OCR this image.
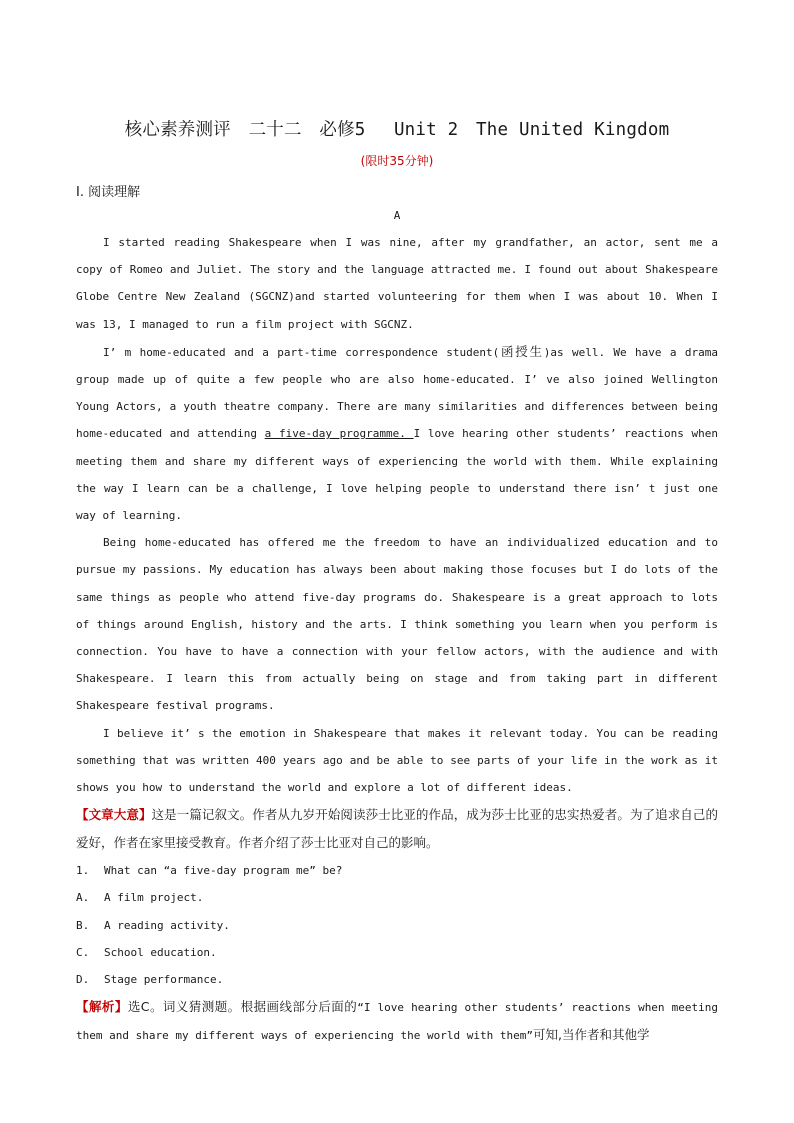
核心素养测评　二十二　必修5　 Unit 2　The United Kingdom
(限时35分钟)
Ⅰ. 阅读理解
A

I started reading Shakespeare when I was nine, after my grandfather, an actor, sent me a copy of Romeo and Juliet. The story and the language attracted me. I found out about Shakespeare Globe Centre New Zealand (SGCNZ)and started volunteering for them when I was about 10. When I was 13, I managed to run a film project with SGCNZ.

I’ m home-educated and a part-time correspondence student(函授生)as well. We have a drama group made up of quite a few people who are also home-educated. I’ ve also joined Wellington Young Actors, a youth theatre company. There are many similarities and differences between being home-educated and attending a five-day programme. I love hearing other students’ reactions when meeting them and share my different ways of experiencing the world with them. While explaining the way I learn can be a challenge, I love helping people to understand there isn’ t just one way of learning.

Being home-educated has offered me the freedom to have an individualized education and to pursue my passions. My education has always been about making those focuses but I do lots of the same things as people who attend five-day programs do. Shakespeare is a great approach to lots of things around English, history and the arts. I think something you learn when you perform is connection. You have to have a connection with your fellow actors, with the audience and with Shakespeare. I learn this from actually being on stage and from taking part in different Shakespeare festival programs.

I believe it’ s the emotion in Shakespeare that makes it relevant today. You can be reading something that was written 400 years ago and be able to see parts of your life in the work as it shows you how to understand the world and explore a lot of different ideas.

【文章大意】这是一篇记叙文。作者从九岁开始阅读莎士比亚的作品，成为莎士比亚的忠实热爱者。为了追求自己的爱好，作者在家里接受教育。作者介绍了莎士比亚对自己的影响。

1. What can “a five-day program me” be?

A. A film project.

B. A reading activity.

C. School education.

D. Stage performance.

【解析】选C。词义猜测题。根据画线部分后面的“I love hearing other students’ reactions when meeting them and share my different ways of experiencing the world with them”可知,当作者和其他学
